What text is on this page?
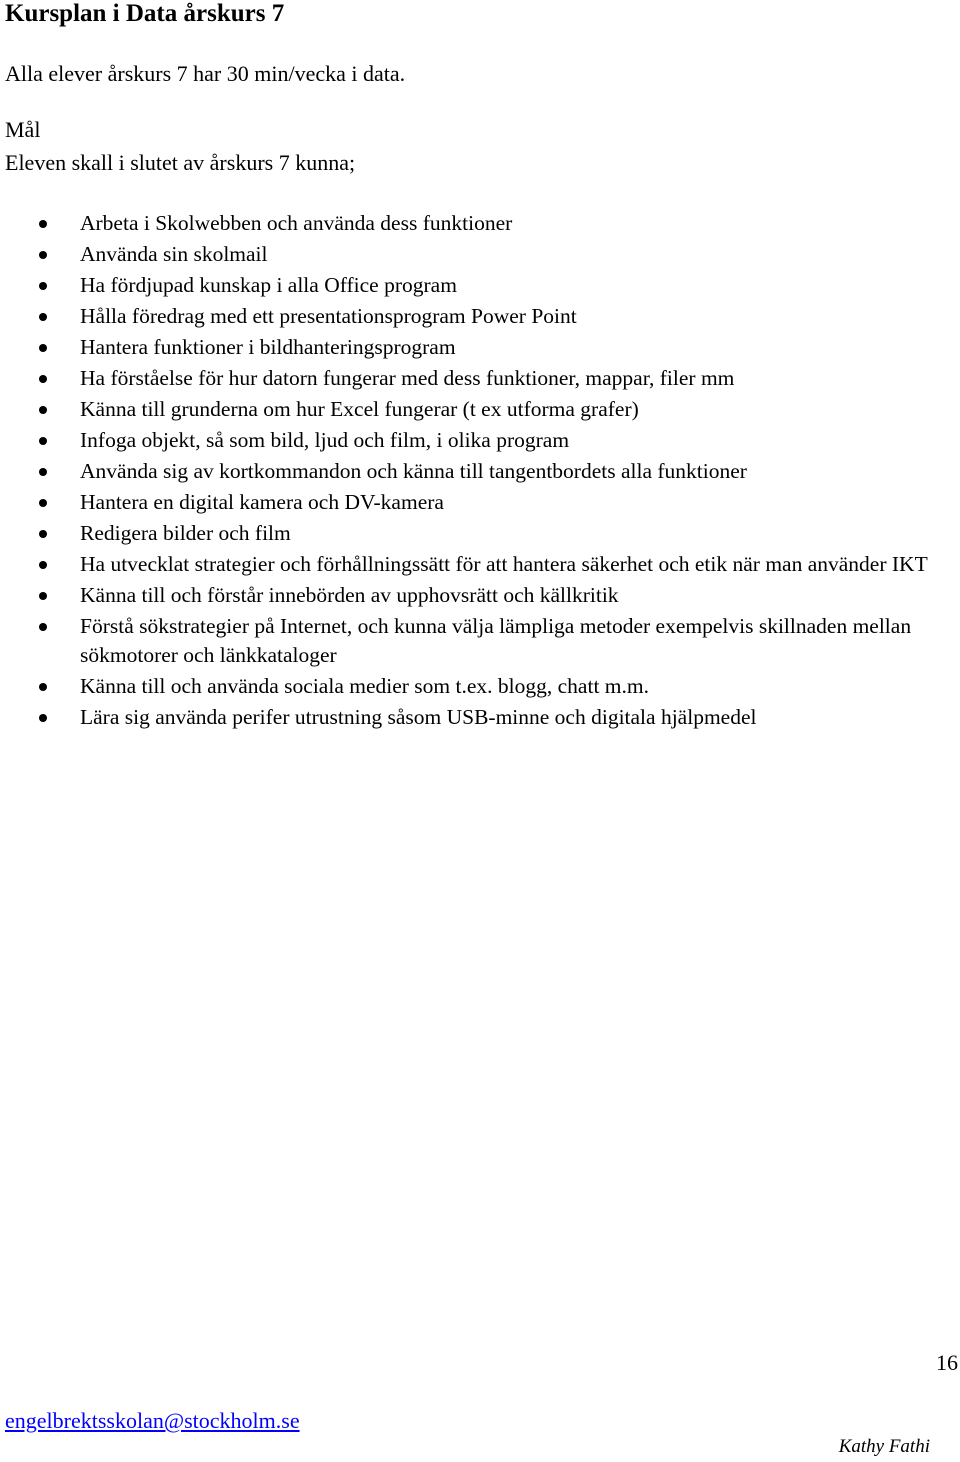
Kursplan i Data årskurs 7
Alla elever årskurs 7 har 30 min/vecka i data.
Mål
Eleven skall i slutet av årskurs 7 kunna;
Arbeta i Skolwebben och använda dess funktioner
Använda sin skolmail
Ha fördjupad kunskap i alla Office program
Hålla föredrag med ett presentationsprogram Power Point
Hantera funktioner i bildhanteringsprogram
Ha förståelse för hur datorn fungerar med dess funktioner, mappar, filer mm
Känna till grunderna om hur Excel fungerar (t ex utforma grafer)
Infoga objekt, så som bild, ljud och film, i olika program
Använda sig av kortkommandon och känna till tangentbordets alla funktioner
Hantera en digital kamera och DV-kamera
Redigera bilder och film
Ha utvecklat strategier och förhållningssätt för att hantera säkerhet och etik när man använder IKT
Känna till och förstår innebörden av upphovsrätt och källkritik
Förstå sökstrategier på Internet, och kunna välja lämpliga metoder exempelvis skillnaden mellan sökmotorer och länkkataloger
Känna till och använda sociala medier som t.ex. blogg, chatt m.m.
Lära sig använda perifer utrustning såsom USB-minne och digitala hjälpmedel
16
engelbrektsskolan@stockholm.se
Kathy Fathi
